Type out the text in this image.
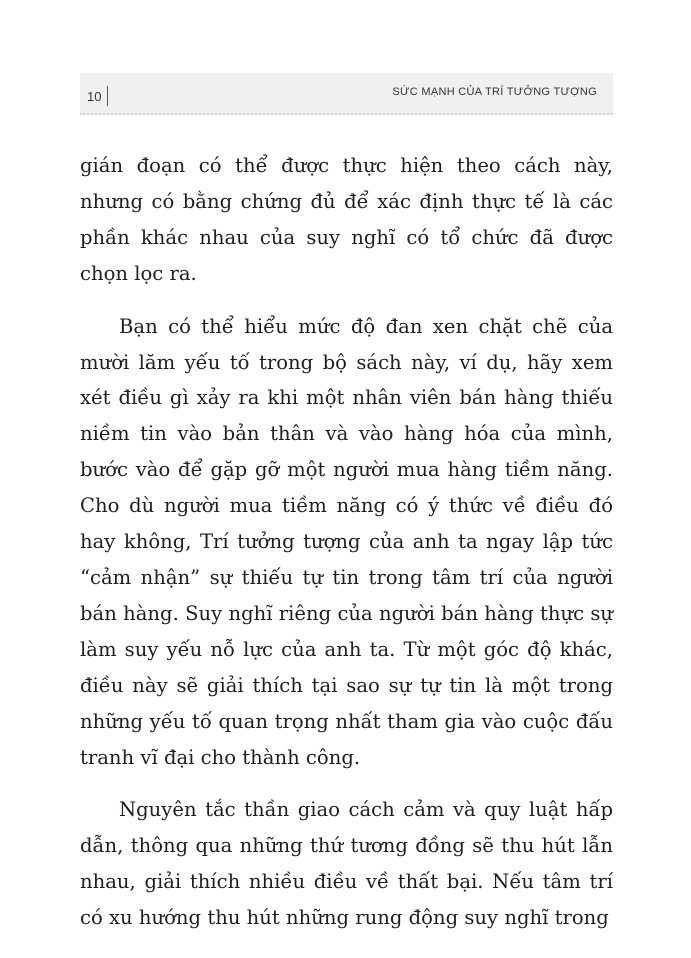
10	SỨC MẠNH CỦA TRÍ TƯỞNG TƯỢNG

gián đoạn có thể được thực hiện theo cách này, nhưng có bằng chứng đủ để xác định thực tế là các phần khác nhau của suy nghĩ có tổ chức đã được chọn lọc ra.

Bạn có thể hiểu mức độ đan xen chặt chẽ của mười lăm yếu tố trong bộ sách này, ví dụ, hãy xem xét điều gì xảy ra khi một nhân viên bán hàng thiếu niềm tin vào bản thân và vào hàng hóa của mình, bước vào để gặp gỡ một người mua hàng tiềm năng. Cho dù người mua tiềm năng có ý thức về điều đó hay không, Trí tưởng tượng của anh ta ngay lập tức “cảm nhận” sự thiếu tự tin trong tâm trí của người bán hàng. Suy nghĩ riêng của người bán hàng thực sự làm suy yếu nỗ lực của anh ta. Từ một góc độ khác, điều này sẽ giải thích tại sao sự tự tin là một trong những yếu tố quan trọng nhất tham gia vào cuộc đấu tranh vĩ đại cho thành công.

Nguyên tắc thần giao cách cảm và quy luật hấp dẫn, thông qua những thứ tương đồng sẽ thu hút lẫn nhau, giải thích nhiều điều về thất bại. Nếu tâm trí có xu hướng thu hút những rung động suy nghĩ trong
